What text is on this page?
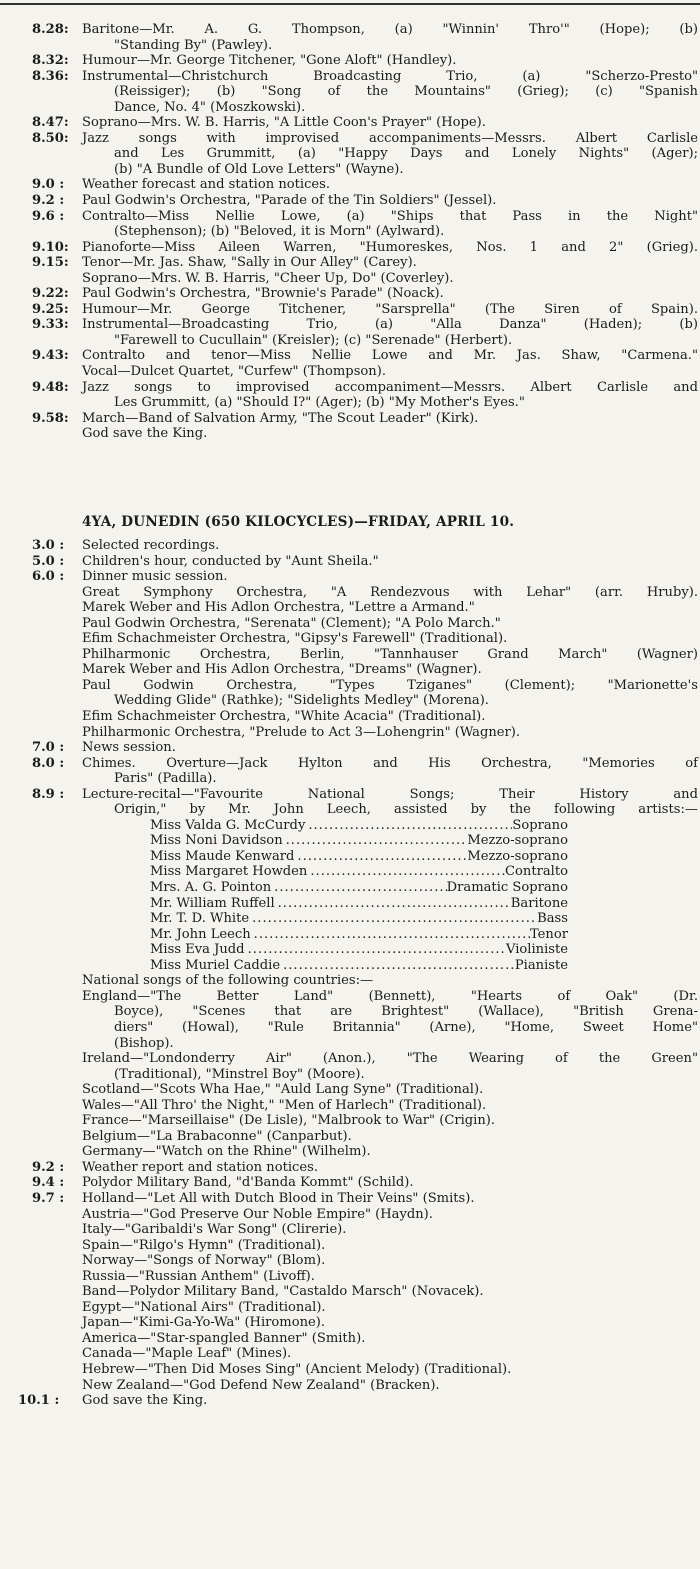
8.28: Baritone—Mr. A. G. Thompson, (a) "Winnin' Thro'" (Hope); (b)
"Standing By" (Pawley).
8.32: Humour—Mr. George Titchener, "Gone Aloft" (Handley).
8.36: Instrumental—Christchurch Broadcasting Trio, (a) "Scherzo-Presto"
(Reissiger); (b) "Song of the Mountains" (Grieg); (c) "Spanish
Dance, No. 4" (Moszkowski).
8.47: Soprano—Mrs. W. B. Harris, "A Little Coon's Prayer" (Hope).
8.50: Jazz songs with improvised accompaniments—Messrs. Albert Carlisle
and Les Grummitt, (a) "Happy Days and Lonely Nights" (Ager);
(b) "A Bundle of Old Love Letters" (Wayne).
9.0 : Weather forecast and station notices.
9.2 : Paul Godwin's Orchestra, "Parade of the Tin Soldiers" (Jessel).
9.6 : Contralto—Miss Nellie Lowe, (a) "Ships that Pass in the Night"
(Stephenson); (b) "Beloved, it is Morn" (Aylward).
9.10: Pianoforte—Miss Aileen Warren, "Humoreskes, Nos. 1 and 2" (Grieg).
9.15: Tenor—Mr. Jas. Shaw, "Sally in Our Alley" (Carey).
Soprano—Mrs. W. B. Harris, "Cheer Up, Do" (Coverley).
9.22: Paul Godwin's Orchestra, "Brownie's Parade" (Noack).
9.25: Humour—Mr. George Titchener, "Sarsprella" (The Siren of Spain).
9.33: Instrumental—Broadcasting Trio, (a) "Alla Danza" (Haden); (b)
"Farewell to Cucullain" (Kreisler); (c) "Serenade" (Herbert).
9.43: Contralto and tenor—Miss Nellie Lowe and Mr. Jas. Shaw, "Carmena."
Vocal—Dulcet Quartet, "Curfew" (Thompson).
9.48: Jazz songs to improvised accompaniment—Messrs. Albert Carlisle and
Les Grummitt, (a) "Should I?" (Ager); (b) "My Mother's Eyes."
9.58: March—Band of Salvation Army, "The Scout Leader" (Kirk).
God save the King.
4YA, DUNEDIN (650 KILOCYCLES)—FRIDAY, APRIL 10.
3.0 : Selected recordings.
5.0 : Children's hour, conducted by "Aunt Sheila."
6.0 : Dinner music session.
Great Symphony Orchestra, "A Rendezvous with Lehar" (arr. Hruby).
Marek Weber and His Adlon Orchestra, "Lettre a Armand."
Paul Godwin Orchestra, "Serenata" (Clement); "A Polo March."
Efim Schachmeister Orchestra, "Gipsy's Farewell" (Traditional).
Philharmonic Orchestra, Berlin, "Tannhauser Grand March" (Wagner)
Marek Weber and His Adlon Orchestra, "Dreams" (Wagner).
Paul Godwin Orchestra, "Types Tziganes" (Clement); "Marionette's
Wedding Glide" (Rathke); "Sidelights Medley" (Morena).
Efim Schachmeister Orchestra, "White Acacia" (Traditional).
Philharmonic Orchestra, "Prelude to Act 3—Lohengrin" (Wagner).
7.0 : News session.
8.0 : Chimes. Overture—Jack Hylton and His Orchestra, "Memories of
Paris" (Padilla).
8.9 : Lecture-recital—"Favourite National Songs; Their History and
Origin," by Mr. John Leech, assisted by the following artists:—
Miss Valda G. McCurdy .....	Soprano
Miss Noni Davidson .....	Mezzo-soprano
Miss Maude Kenward .....	Mezzo-soprano
Miss Margaret Howden .....	Contralto
Mrs. A. G. Pointon .....	Dramatic Soprano
Mr. William Ruffell .....	Baritone
Mr. T. D. White .....	Bass
Mr. John Leech .....	Tenor
Miss Eva Judd .....	Violiniste
Miss Muriel Caddie .....	Pianiste
National songs of the following countries:—
England—"The Better Land" (Bennett), "Hearts of Oak" (Dr.
Boyce), "Scenes that are Brightest" (Wallace), "British Grena-
diers" (Howal), "Rule Britannia" (Arne), "Home, Sweet Home"
(Bishop).
Ireland—"Londonderry Air" (Anon.), "The Wearing of the Green"
(Traditional), "Minstrel Boy" (Moore).
Scotland—"Scots Wha Hae," "Auld Lang Syne" (Traditional).
Wales—"All Thro' the Night," "Men of Harlech" (Traditional).
France—"Marseillaise" (De Lisle), "Malbrook to War" (Crigin).
Belgium—"La Brabaconne" (Canparbut).
Germany—"Watch on the Rhine" (Wilhelm).
9.2 : Weather report and station notices.
9.4 : Polydor Military Band, "d'Banda Kommt" (Schild).
9.7 : Holland—"Let All with Dutch Blood in Their Veins" (Smits).
Austria—"God Preserve Our Noble Empire" (Haydn).
Italy—"Garibaldi's War Song" (Clirerie).
Spain—"Rilgo's Hymn" (Traditional).
Norway—"Songs of Norway" (Blom).
Russia—"Russian Anthem" (Livoff).
Band—Polydor Military Band, "Castaldo Marsch" (Novacek).
Egypt—"National Airs" (Traditional).
Japan—"Kimi-Ga-Yo-Wa" (Hiromone).
America—"Star-spangled Banner" (Smith).
Canada—"Maple Leaf" (Mines).
Hebrew—"Then Did Moses Sing" (Ancient Melody) (Traditional).
New Zealand—"God Defend New Zealand" (Bracken).
10.1 : God save the King.
